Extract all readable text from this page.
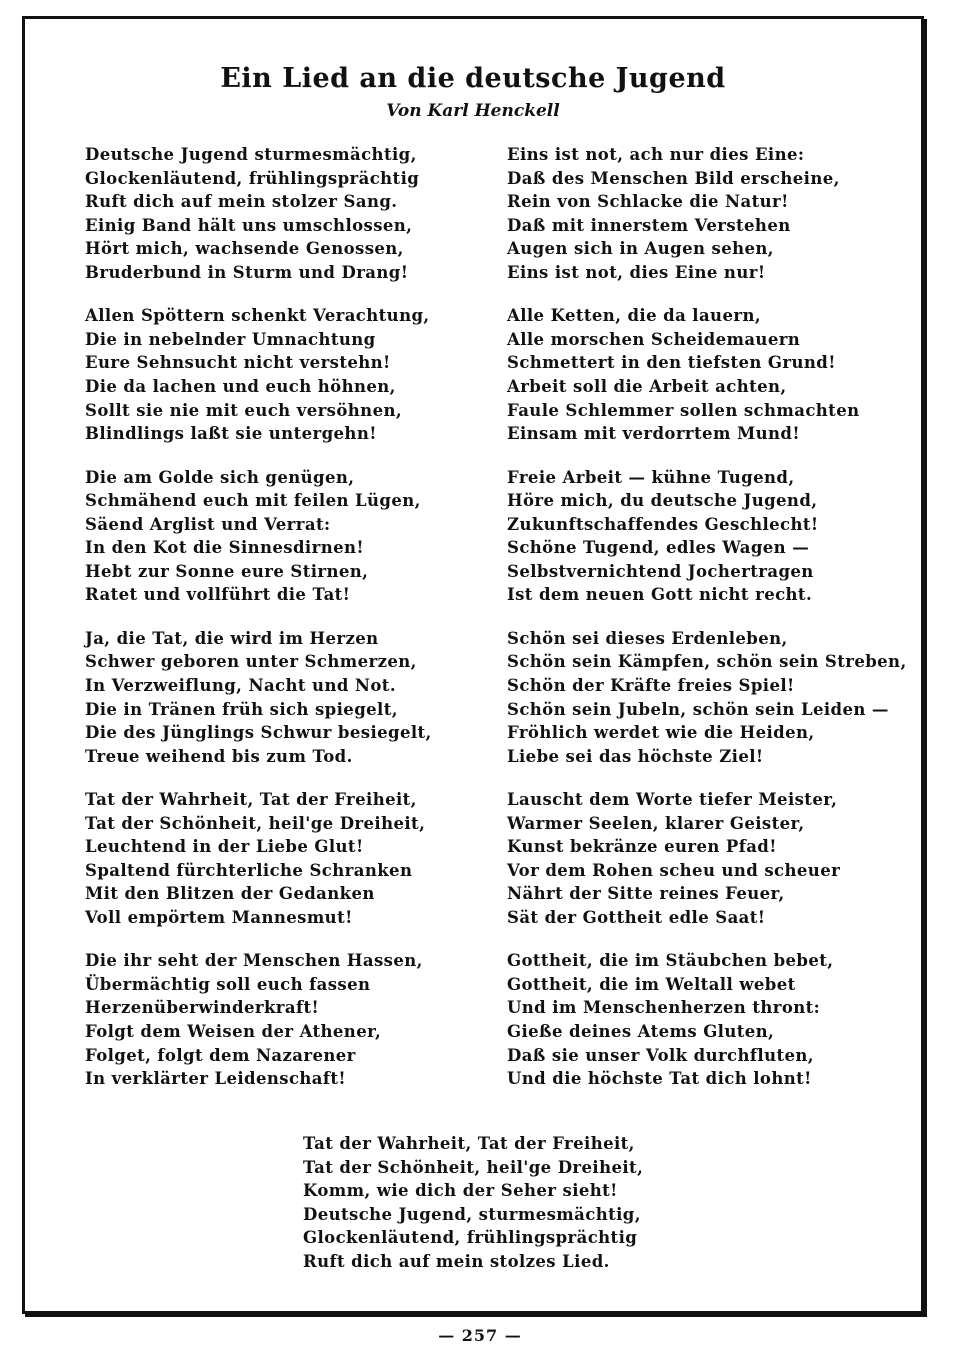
Ein Lied an die deutsche Jugend
Von Karl Henckell
Deutsche Jugend sturmesmächtig,
Glockenläutend, frühlingsprächtig
Ruft dich auf mein stolzer Sang.
Einig Band hält uns umschlossen,
Hört mich, wachsende Genossen,
Bruderbund in Sturm und Drang!
Allen Spöttern schenkt Verachtung,
Die in nebelnder Umnachtung
Eure Sehnsucht nicht verstehn!
Die da lachen und euch höhnen,
Sollt sie nie mit euch versöhnen,
Blindlings laßt sie untergehn!
Die am Golde sich genügen,
Schmähend euch mit feilen Lügen,
Säend Arglist und Verrat:
In den Kot die Sinnesdirnen!
Hebt zur Sonne eure Stirnen,
Ratet und vollführt die Tat!
Ja, die Tat, die wird im Herzen
Schwer geboren unter Schmerzen,
In Verzweiflung, Nacht und Not.
Die in Tränen früh sich spiegelt,
Die des Jünglings Schwur besiegelt,
Treue weihend bis zum Tod.
Tat der Wahrheit, Tat der Freiheit,
Tat der Schönheit, heil'ge Dreiheit,
Leuchtend in der Liebe Glut!
Spaltend fürchterliche Schranken
Mit den Blitzen der Gedanken
Voll empörtem Mannesmut!
Die ihr seht der Menschen Hassen,
Übermächtig soll euch fassen
Herzenüberwinderkraft!
Folgt dem Weisen der Athener,
Folget, folgt dem Nazarener
In verklärter Leidenschaft!
Eins ist not, ach nur dies Eine:
Daß des Menschen Bild erscheine,
Rein von Schlacke die Natur!
Daß mit innerstem Verstehen
Augen sich in Augen sehen,
Eins ist not, dies Eine nur!
Alle Ketten, die da lauern,
Alle morschen Scheidemauern
Schmettert in den tiefsten Grund!
Arbeit soll die Arbeit achten,
Faule Schlemmer sollen schmachten
Einsam mit verdorrtem Mund!
Freie Arbeit — kühne Tugend,
Höre mich, du deutsche Jugend,
Zukunftschaffendes Geschlecht!
Schöne Tugend, edles Wagen —
Selbstvernichtend Jochertragen
Ist dem neuen Gott nicht recht.
Schön sei dieses Erdenleben,
Schön sein Kämpfen, schön sein Streben,
Schön der Kräfte freies Spiel!
Schön sein Jubeln, schön sein Leiden —
Fröhlich werdet wie die Heiden,
Liebe sei das höchste Ziel!
Lauscht dem Worte tiefer Meister,
Warmer Seelen, klarer Geister,
Kunst bekränze euren Pfad!
Vor dem Rohen scheu und scheuer
Nährt der Sitte reines Feuer,
Sät der Gottheit edle Saat!
Gottheit, die im Stäubchen bebet,
Gottheit, die im Weltall webet
Und im Menschenherzen thront:
Gieße deines Atems Gluten,
Daß sie unser Volk durchfluten,
Und die höchste Tat dich lohnt!
Tat der Wahrheit, Tat der Freiheit,
Tat der Schönheit, heil'ge Dreiheit,
Komm, wie dich der Seher sieht!
Deutsche Jugend, sturmesmächtig,
Glockenläutend, frühlingsprächtig
Ruft dich auf mein stolzes Lied.
— 257 —
